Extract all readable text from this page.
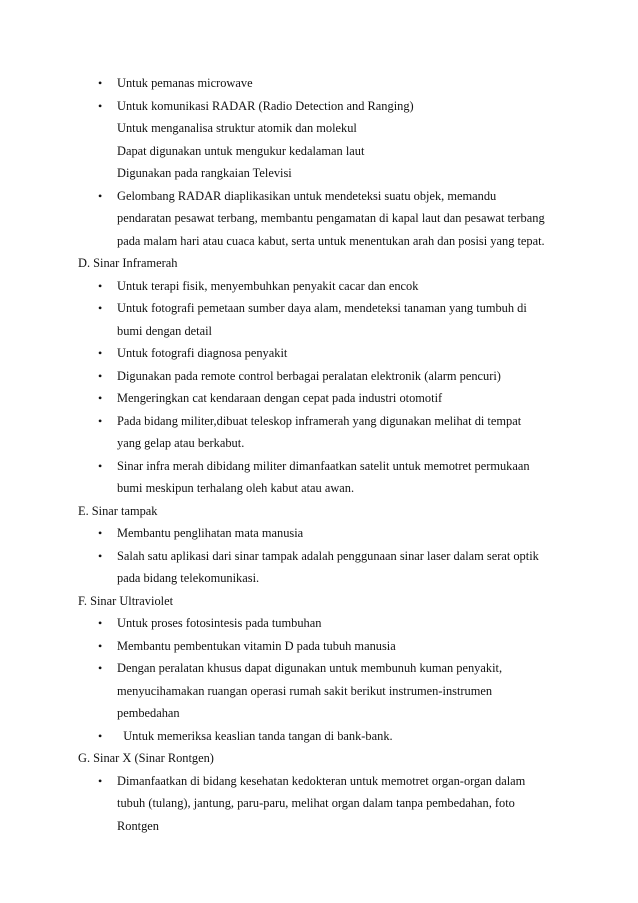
•	Untuk pemanas microwave
•	Untuk komunikasi RADAR (Radio Detection and Ranging)
Untuk menganalisa struktur atomik dan molekul
Dapat digunakan untuk mengukur kedalaman laut
Digunakan pada rangkaian Televisi
•	Gelombang RADAR diaplikasikan untuk mendeteksi suatu objek, memandu
pendaratan pesawat terbang, membantu pengamatan di kapal laut dan pesawat terbang
pada malam hari atau cuaca kabut, serta untuk menentukan arah dan posisi yang tepat.
D. Sinar Inframerah
•	Untuk terapi fisik, menyembuhkan penyakit cacar dan encok
•	Untuk fotografi pemetaan sumber daya alam, mendeteksi tanaman yang tumbuh di
bumi dengan detail
•	Untuk fotografi diagnosa penyakit
•	Digunakan pada remote control berbagai peralatan elektronik (alarm pencuri)
•	Mengeringkan cat kendaraan dengan cepat pada industri otomotif
•	Pada bidang militer,dibuat teleskop inframerah yang digunakan melihat di tempat
yang gelap atau berkabut.
•	Sinar infra merah dibidang militer dimanfaatkan satelit untuk memotret permukaan
bumi meskipun terhalang oleh kabut atau awan.
E. Sinar tampak
•	Membantu penglihatan mata manusia
•	Salah satu aplikasi dari sinar tampak adalah penggunaan sinar laser dalam serat optik
pada bidang telekomunikasi.
F. Sinar Ultraviolet
•	Untuk proses fotosintesis pada tumbuhan
•	Membantu pembentukan vitamin D pada tubuh manusia
•	Dengan peralatan khusus dapat digunakan untuk membunuh kuman penyakit,
menyucihamakan ruangan operasi rumah sakit berikut instrumen-instrumen
pembedahan
•	Untuk memeriksa keaslian tanda tangan di bank-bank.
G. Sinar X (Sinar Rontgen)
•	Dimanfaatkan di bidang kesehatan kedokteran untuk memotret organ-organ dalam
tubuh (tulang), jantung, paru-paru, melihat organ dalam tanpa pembedahan, foto
Rontgen
